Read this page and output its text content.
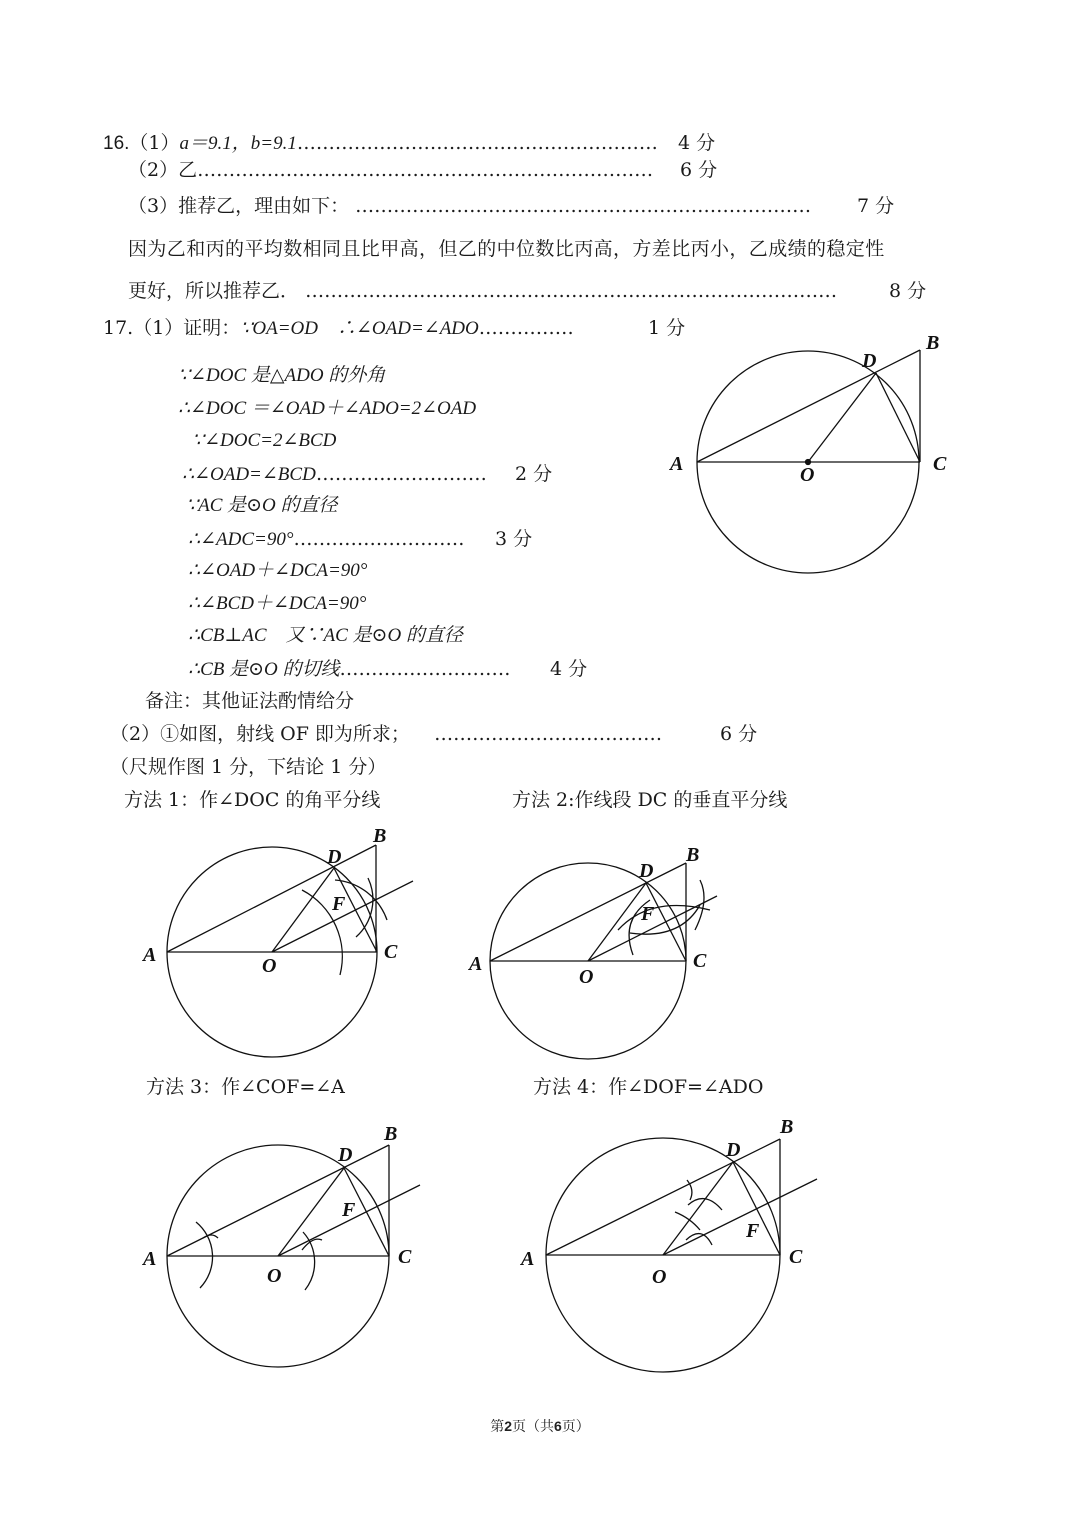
16.（1）a＝9.1，b=9.1………………………………………………… 4 分
（2）乙……………………………………………………………… 6 分
（3）推荐乙，理由如下： ……………………………………………………………… 7 分
因为乙和丙的平均数相同且比甲高，但乙的中位数比丙高，方差比丙小，乙成绩的稳定性
更好，所以推荐乙． …………………………………………………………………………	8 分
17.（1）证明：∵OA=OD　∴∠OAD=∠ADO……………	1 分
∵∠DOC 是△ADO 的外角
∴∠DOC ＝∠OAD＋∠ADO=2∠OAD
∵∠DOC=2∠BCD
∴∠OAD=∠BCD……………………… 2 分
∵AC 是⊙O 的直径
∴∠ADC=90°……………………… 3 分
∴∠OAD＋∠DCA=90°
∴∠BCD＋∠DCA=90°
∴CB⊥AC　又∵AC 是⊙O 的直径
∴CB 是⊙O 的切线……………………… 4 分
备注：其他证法酌情给分
（2）①如图，射线 OF 即为所求； ………………………………	6 分
（尺规作图 1 分，下结论 1 分）
方法 1：作∠DOC 的角平分线	方法 2:作线段 DC 的垂直平分线
方法 3：作∠COF=∠A	方法 4：作∠DOF=∠ADO
B
D
A	C
O
B
D
F
A	C
O
B
D
F
A	C
O
B
D
F
A	C
O
B
D
F
A	C
O
第2页（共6页）
